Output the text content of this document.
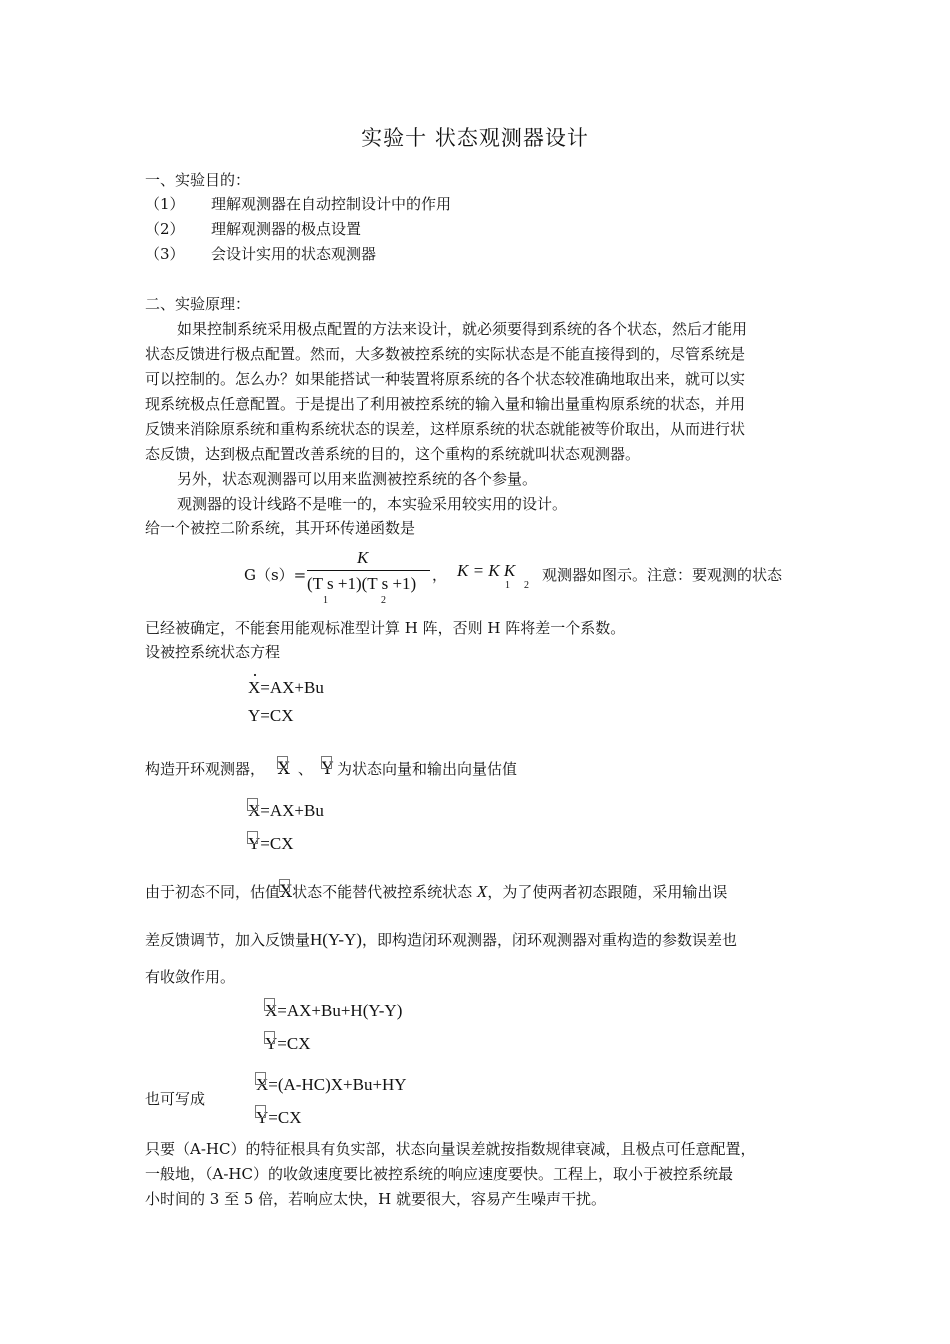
实验十 状态观测器设计
一、实验目的：
（1） 理解观测器在自动控制设计中的作用
（2） 理解观测器的极点设置
（3） 会设计实用的状态观测器
二、实验原理：
如果控制系统采用极点配置的方法来设计，就必须要得到系统的各个状态，然后才能用
状态反馈进行极点配置。然而，大多数被控系统的实际状态是不能直接得到的，尽管系统是
可以控制的。怎么办？如果能搭试一种装置将原系统的各个状态较准确地取出来，就可以实
现系统极点任意配置。于是提出了利用被控系统的输入量和输出量重构原系统的状态，并用
反馈来消除原系统和重构系统状态的误差，这样原系统的状态就能被等价取出，从而进行状
态反馈，达到极点配置改善系统的目的，这个重构的系统就叫状态观测器。
另外，状态观测器可以用来监测被控系统的各个参量。
观测器的设计线路不是唯一的，本实验采用较实用的设计。
给一个被控二阶系统，其开环传递函数是
G（s）=
K
(T s +1)(T s +1)
1	2
， K = K K
1 2
观测器如图示。注意：要观测的状态
已经被确定，不能套用能观标准型计算 H 阵，否则 H 阵将差一个系数。
设被控系统状态方程
· X=AX+Bu
Y=CX
构造开环观测器， X 、 Y 为状态向量和输出向量估值
X=AX+Bu
Y=CX
由于初态不同，估值X状态不能替代被控系统状态 X，为了使两者初态跟随，采用输出误
差反馈调节，加入反馈量H(Y-Y)，即构造闭环观测器，闭环观测器对重构造的参数误差也
有收敛作用。
X=AX+Bu+H(Y-Y)
Y=CX
也可写成
X=(A-HC)X+Bu+HY
Y=CX
只要（A-HC）的特征根具有负实部，状态向量误差就按指数规律衰减，且极点可任意配置，
一般地，（A-HC）的收敛速度要比被控系统的响应速度要快。工程上，取小于被控系统最
小时间的 3 至 5 倍，若响应太快，H 就要很大，容易产生噪声干扰。
